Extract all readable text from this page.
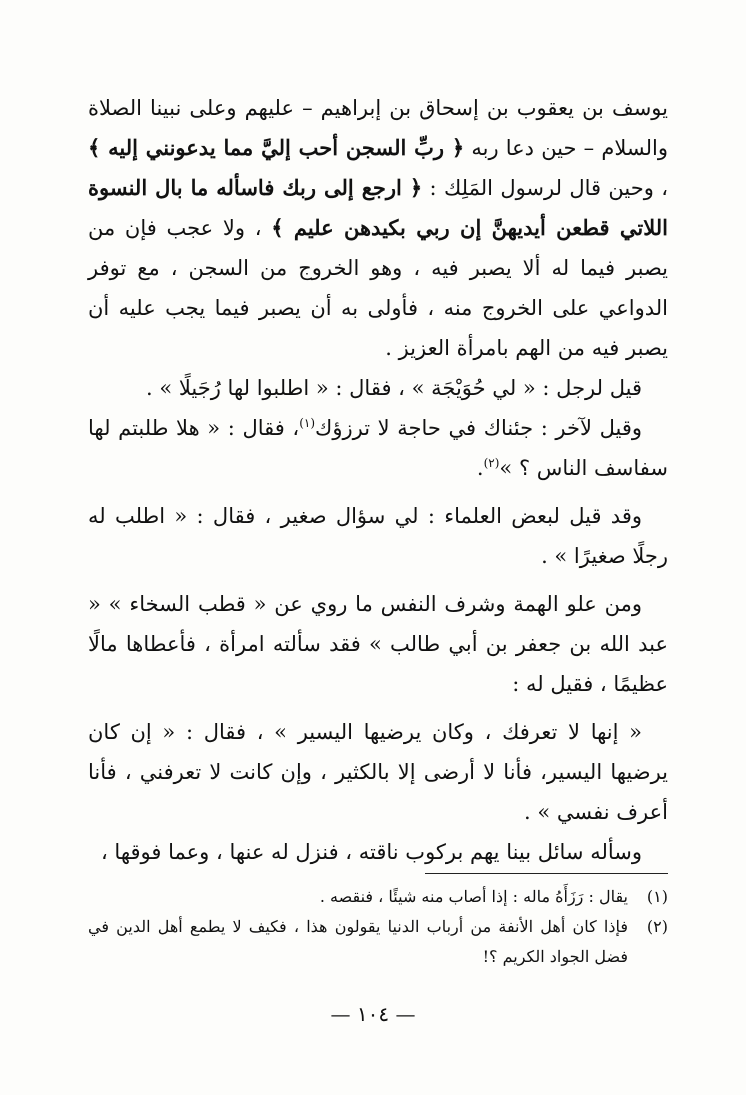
يوسف بن يعقوب بن إسحاق بن إبراهيم – عليهم وعلى نبينا الصلاة والسلام – حين دعا ربه ﴿ ربِّ السجن أحب إليَّ مما يدعونني إليه ﴾ ، وحين قال لرسول المَلِك : ﴿ ارجع إلى ربك فاسأله ما بال النسوة اللاتي قطعن أيديهنَّ إن ربي بكيدهن عليم ﴾ ، ولا عجب فإن من يصبر فيما له ألا يصبر فيه ، وهو الخروج من السجن ، مع توفر الدواعي على الخروج منه ، فأولى به أن يصبر فيما يجب عليه أن يصبر فيه من الهم بامرأة العزيز .

قيل لرجل : « لي حُوَيْجَة » ، فقال : « اطلبوا لها رُجَيلًا » .

وقيل لآخر : جئناك في حاجة لا ترزؤك$^{(١)}$، فقال : « هلا طلبتم لها سفاسف الناس ؟ »$^{(٢)}$.

وقد قيل لبعض العلماء : لي سؤال صغير ، فقال : « اطلب له رجلًا صغيرًا » .

ومن علو الهمة وشرف النفس ما روي عن « قطب السخاء » « عبد الله بن جعفر بن أبي طالب » فقد سألته امرأة ، فأعطاها مالًا عظيمًا ، فقيل له :

« إنها لا تعرفك ، وكان يرضيها اليسير » ، فقال : « إن كان يرضيها اليسير، فأنا لا أرضى إلا بالكثير ، وإن كانت لا تعرفني ، فأنا أعرف نفسي » .

وسأله سائل بينا يهم بركوب ناقته ، فنزل له عنها ، وعما فوقها ،

(١)
يقال : رَزَأَهُ ماله : إذا أصاب منه شيئًا ، فنقصه .
(٢)
فإذا كان أهل الأنفة من أرباب الدنيا يقولون هذا ، فكيف لا يطمع أهل الدين في فضل الجواد الكريم ؟!
— ١٠٤ —
